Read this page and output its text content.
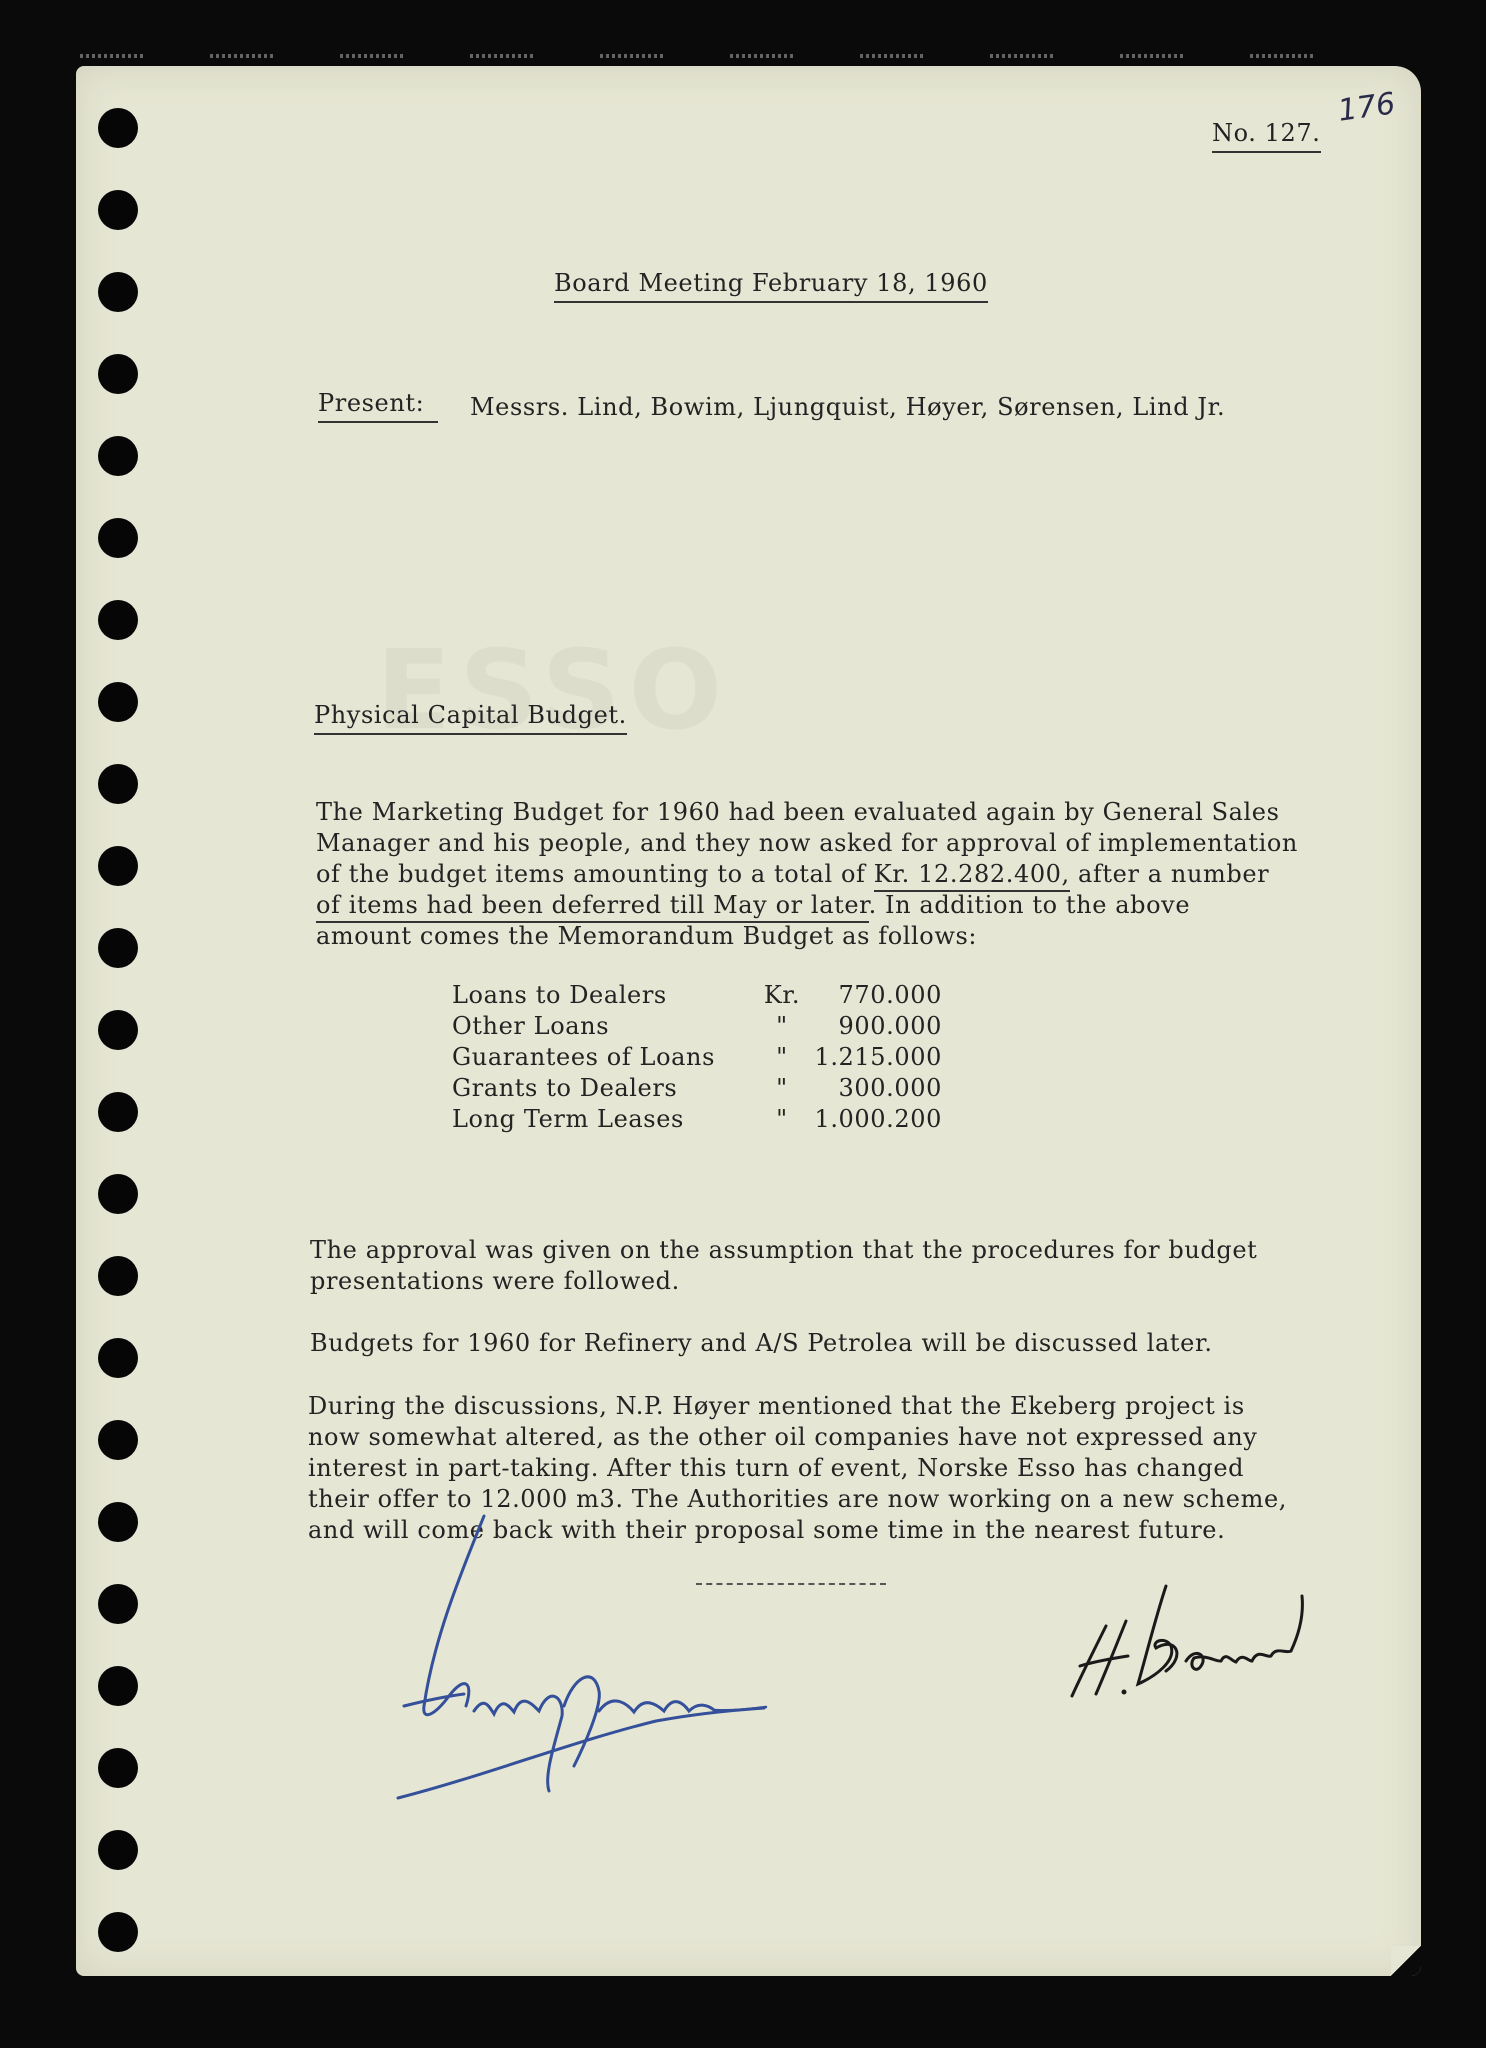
176
No. 127.
Board Meeting February 18, 1960
Present:	Messrs. Lind, Bowim, Ljungquist, Høyer, Sørensen, Lind Jr.
Physical Capital Budget.
The Marketing Budget for 1960 had been evaluated again by General Sales
Manager and his people, and they now asked for approval of implementation
of the budget items amounting to a total of Kr. 12.282.400, after a number
of items had been deferred till May or later. In addition to the above
amount comes the Memorandum Budget as follows:
Loans to Dealers	Kr.	770.000
Other Loans	"	900.000
Guarantees of Loans	"	1.215.000
Grants to Dealers	"	300.000
Long Term Leases	"	1.000.200
The approval was given on the assumption that the procedures for budget
presentations were followed.
Budgets for 1960 for Refinery and A/S Petrolea will be discussed later.
During the discussions, N.P. Høyer mentioned that the Ekeberg project is
now somewhat altered, as the other oil companies have not expressed any
interest in part-taking. After this turn of event, Norske Esso has changed
their offer to 12.000 m3. The Authorities are now working on a new scheme,
and will come back with their proposal some time in the nearest future.
